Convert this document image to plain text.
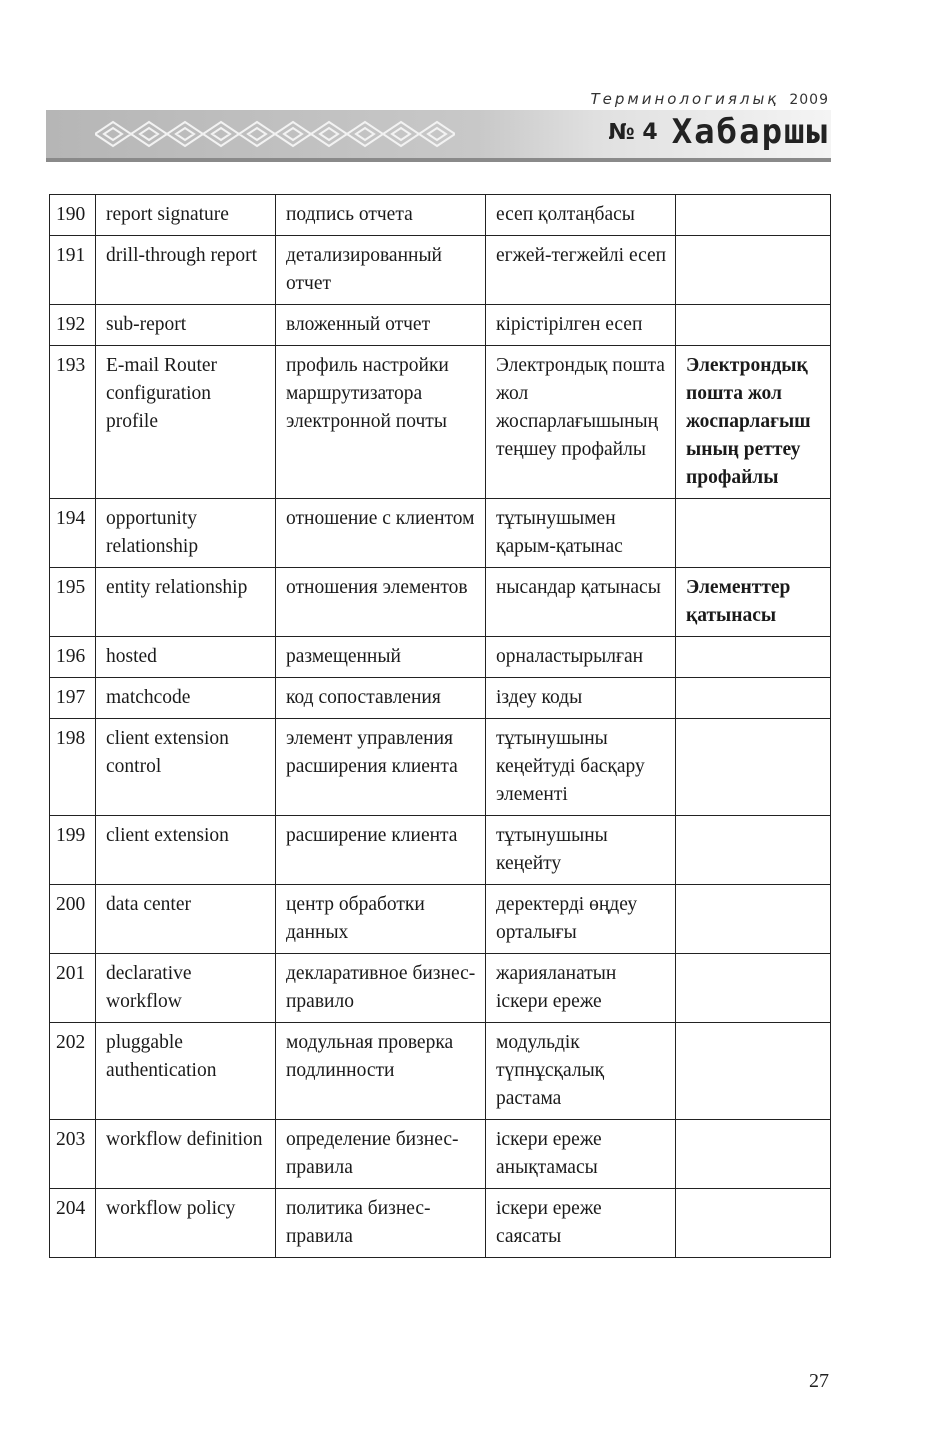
Терминологиялық 2009
№ 4 Хабаршы
190	report signature	подпись отчета	есеп қолтаңбасы	
191	drill-through report	детализированный отчет	егжей-тегжейлі есеп	
192	sub-report	вложенный отчет	кірістірілген есеп	
193	E-mail Router configuration profile	профиль настройки маршрутизатора электронной почты	Электрондық пошта жол жоспарлағышының теңшеу профайлы	Электрондық пошта жол жоспарлағышының реттеу профайлы
194	opportunity relationship	отношение с клиентом	тұтынушымен қарым-қатынас	
195	entity relationship	отношения элементов	нысандар қатынасы	Элементтер қатынасы
196	hosted	размещенный	орналастырылған	
197	matchcode	код сопоставления	іздеу коды	
198	client extension control	элемент управления расширения клиента	тұтынушыны кеңейтуді басқару элементі	
199	client extension	расширение клиента	тұтынушыны кеңейту	
200	data center	центр обработки данных	деректерді өңдеу орталығы	
201	declarative workflow	декларативное бизнес-правило	жарияланатын іскери ереже	
202	pluggable authentication	модульная проверка подлинности	модульдік түпнұсқалық растама	
203	workflow definition	определение бизнес-правила	іскери ереже анықтамасы	
204	workflow policy	политика бизнес-правила	іскери ереже саясаты	
27
